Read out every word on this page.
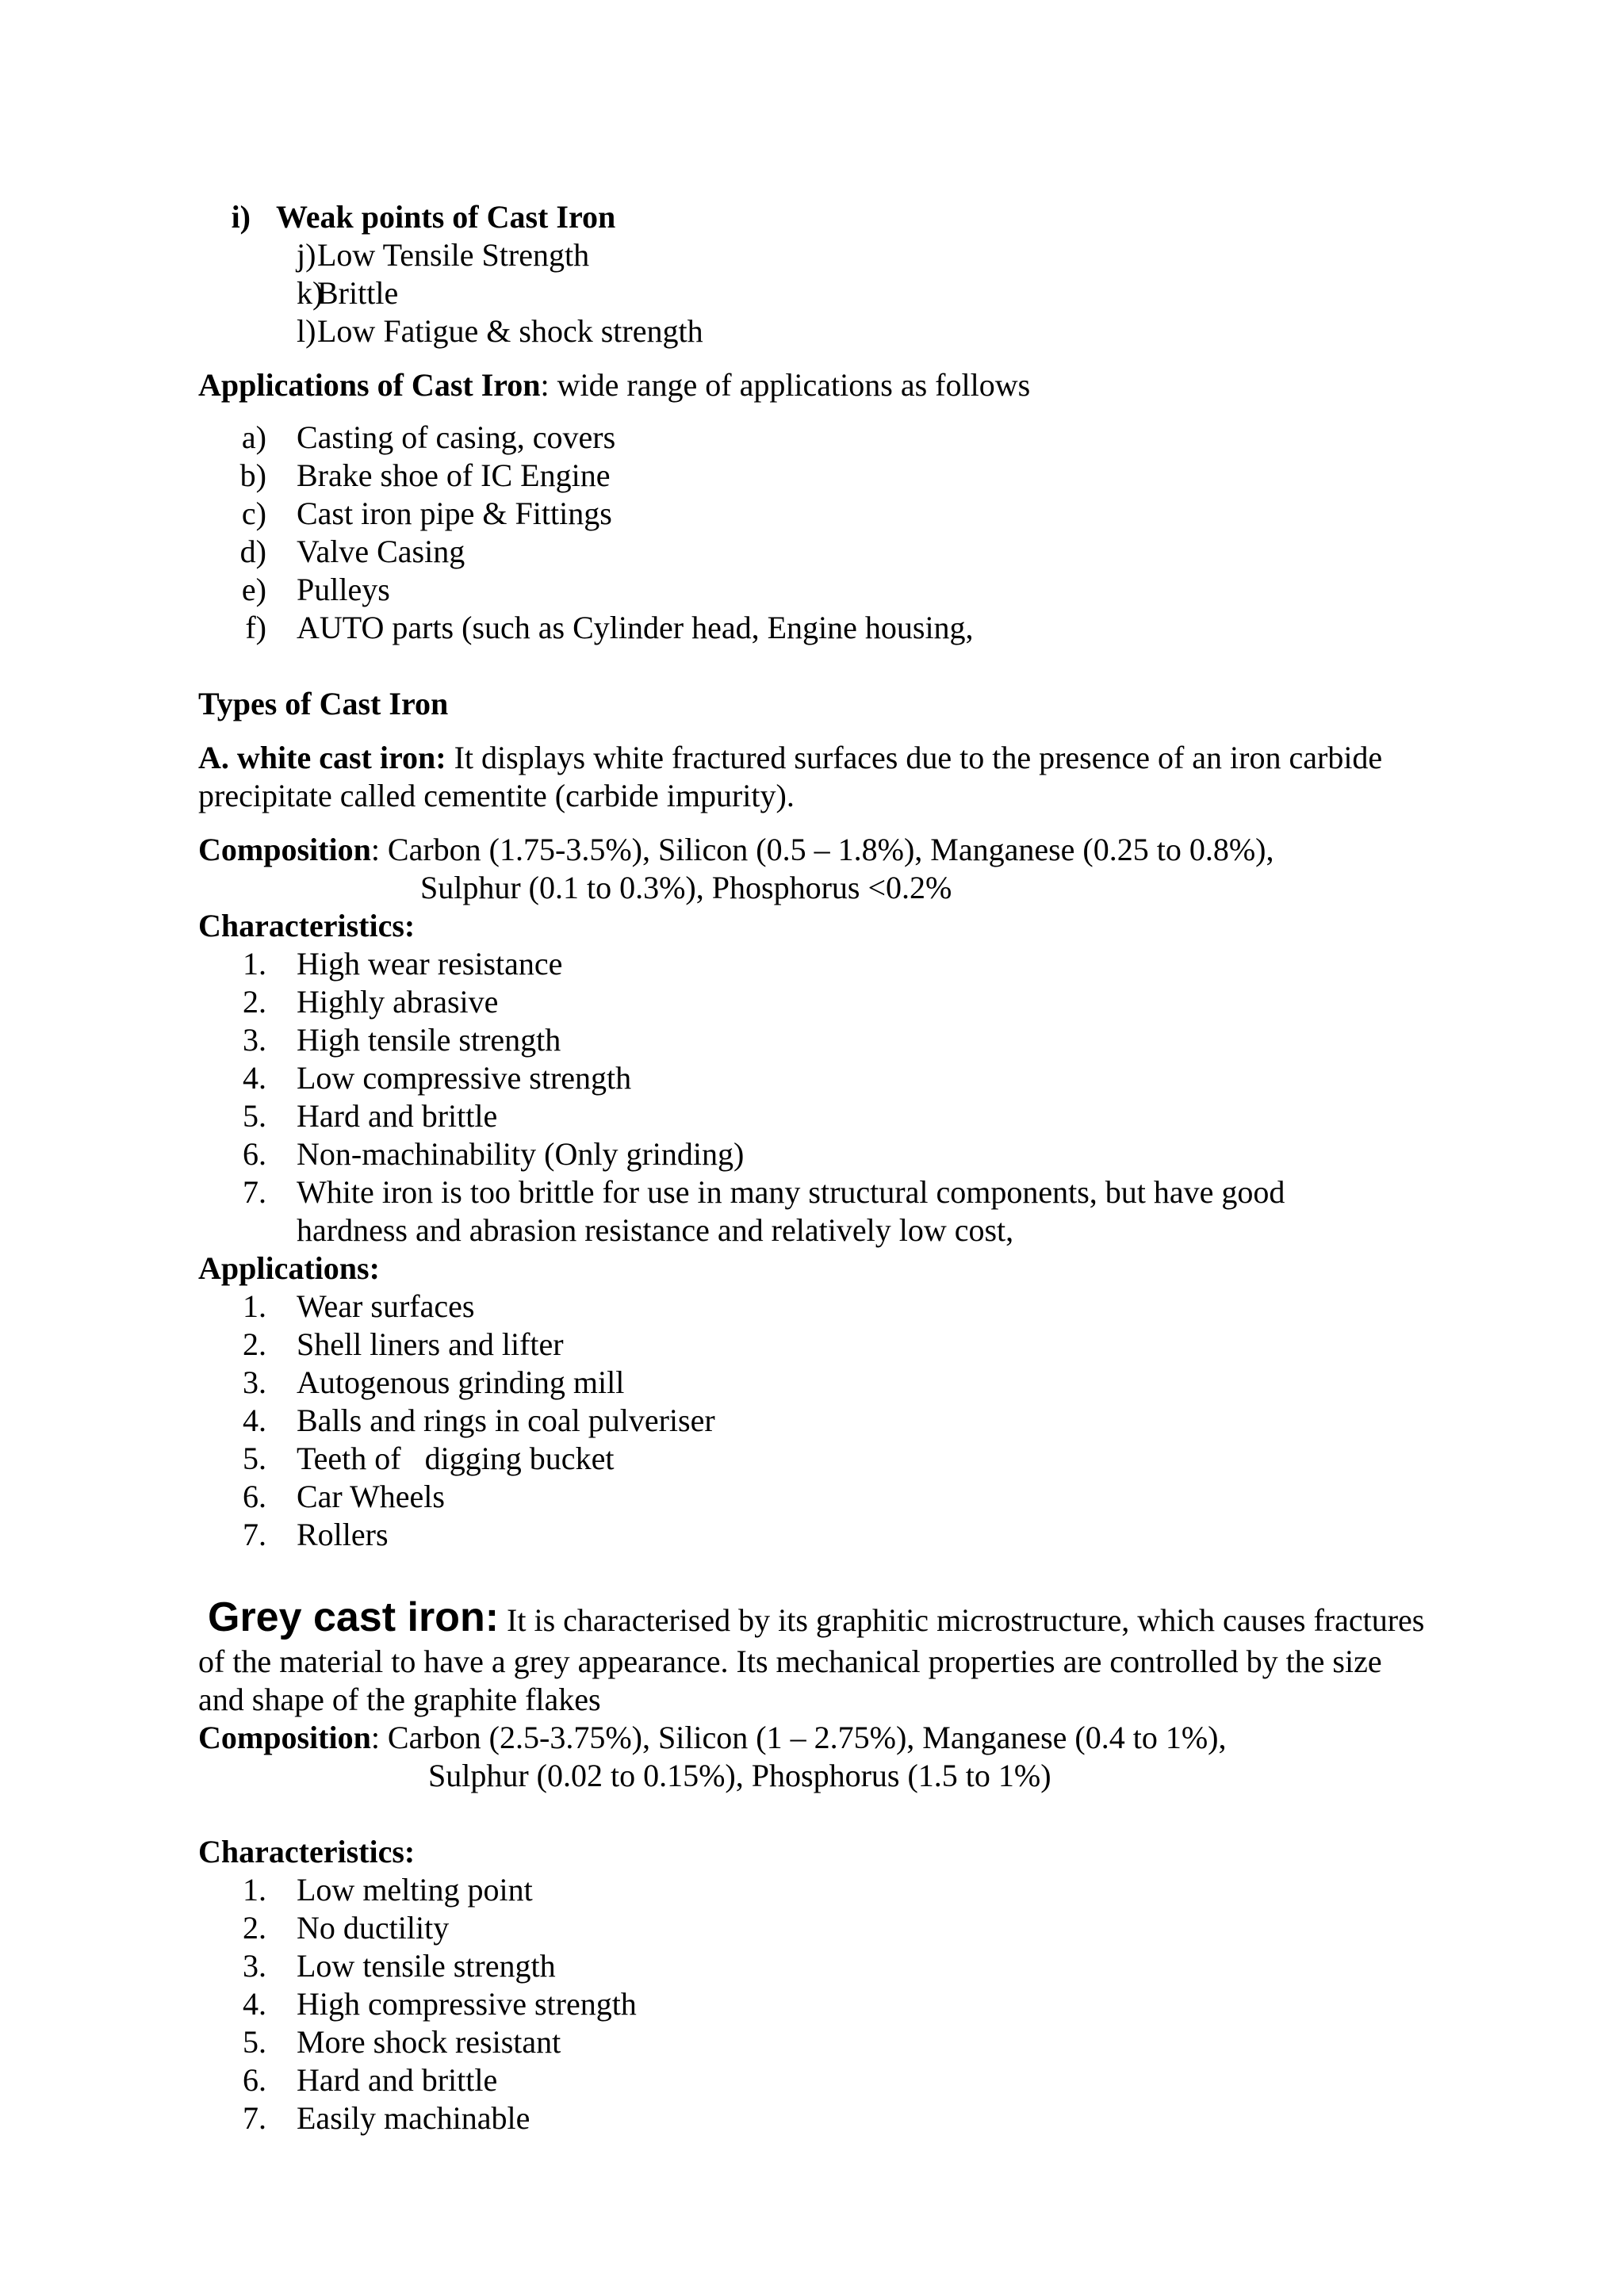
i) Weak points of Cast Iron
j)Low Tensile Strength
k)Brittle
l)Low Fatigue & shock strength
Applications of Cast Iron: wide range of applications as follows
a) Casting of casing, covers
b) Brake shoe of IC Engine
c) Cast iron pipe & Fittings
d) Valve Casing
e) Pulleys
f) AUTO parts (such as Cylinder head, Engine housing,
Types of Cast Iron
A. white cast iron: It displays white fractured surfaces due to the presence of an iron carbide
precipitate called cementite (carbide impurity).
Composition: Carbon (1.75-3.5%), Silicon (0.5 – 1.8%), Manganese (0.25 to 0.8%),
Sulphur (0.1 to 0.3%), Phosphorus <0.2%
Characteristics:
1. High wear resistance
2. Highly abrasive
3. High tensile strength
4. Low compressive strength
5. Hard and brittle
6. Non-machinability (Only grinding)
7. White iron is too brittle for use in many structural components, but have good
hardness and abrasion resistance and relatively low cost,
Applications:
1. Wear surfaces
2. Shell liners and lifter
3. Autogenous grinding mill
4. Balls and rings in coal pulveriser
5. Teeth of   digging bucket
6. Car Wheels
7. Rollers
Grey cast iron: It is characterised by its graphitic microstructure, which causes fractures
of the material to have a grey appearance. Its mechanical properties are controlled by the size
and shape of the graphite flakes
Composition: Carbon (2.5-3.75%), Silicon (1 – 2.75%), Manganese (0.4 to 1%),
Sulphur (0.02 to 0.15%), Phosphorus (1.5 to 1%)
Characteristics:
1. Low melting point
2. No ductility
3. Low tensile strength
4. High compressive strength
5. More shock resistant
6. Hard and brittle
7. Easily machinable
